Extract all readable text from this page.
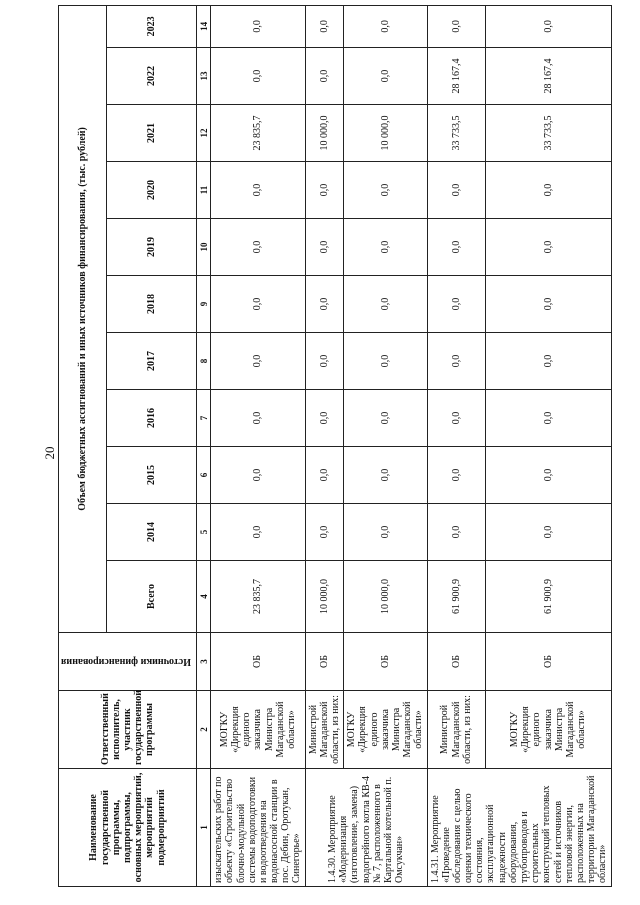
20
Наименование государственной программы, подпрограммы, основных мероприятий, мероприятий подмероприятий	Ответственный исполнитель, участник государственной программы	Источники финансирования	Объем бюджетных ассигнований и иных источников финансирования, (тыс. рублей)										
			Всего	2014	2015	2016	2017	2018	2019	2020	2021	2022	2023
1	2	3	4	5	6	7	8	9	10	11	12	13	14
изыскательских работ по объекту «Строительство блочно-модульной системы водоподготовки и водоотведения на водонасосной станции в пос. Дебин, Оротукан, Синегорье»	МОГКУ «Дирекция единого заказчика Министра Магаданской области»	ОБ	23 835,7	0,0	0,0	0,0	0,0	0,0	0,0	0,0	23 835,7	0,0	0,0
1.4.30. Мероприятие «Модернизация (изготовление, замена) водогрейного котла КВ-4 № 7, расположенного в Картальной котельной п. Омсукчан»	Министрой Магаданской области, из них:	ОБ	10 000,0	0,0	0,0	0,0	0,0	0,0	0,0	0,0	10 000,0	0,0	0,0
	МОГКУ «Дирекция единого заказчика Министра Магаданской области»	ОБ	10 000,0	0,0	0,0	0,0	0,0	0,0	0,0	0,0	10 000,0	0,0	0,0
1.4.31. Мероприятие «Проведение обследования с целью оценки технического состояния, эксплуатационной надежности оборудования, трубопроводов и строительных конструкций тепловых сетей и источников тепловой энергии, расположенных на территории Магаданской области»	Министрой Магаданской области, из них:	ОБ	61 900,9	0,0	0,0	0,0	0,0	0,0	0,0	0,0	33 733,5	28 167,4	0,0
	МОГКУ «Дирекция единого заказчика Министра Магаданской области»	ОБ	61 900,9	0,0	0,0	0,0	0,0	0,0	0,0	0,0	33 733,5	28 167,4	0,0
